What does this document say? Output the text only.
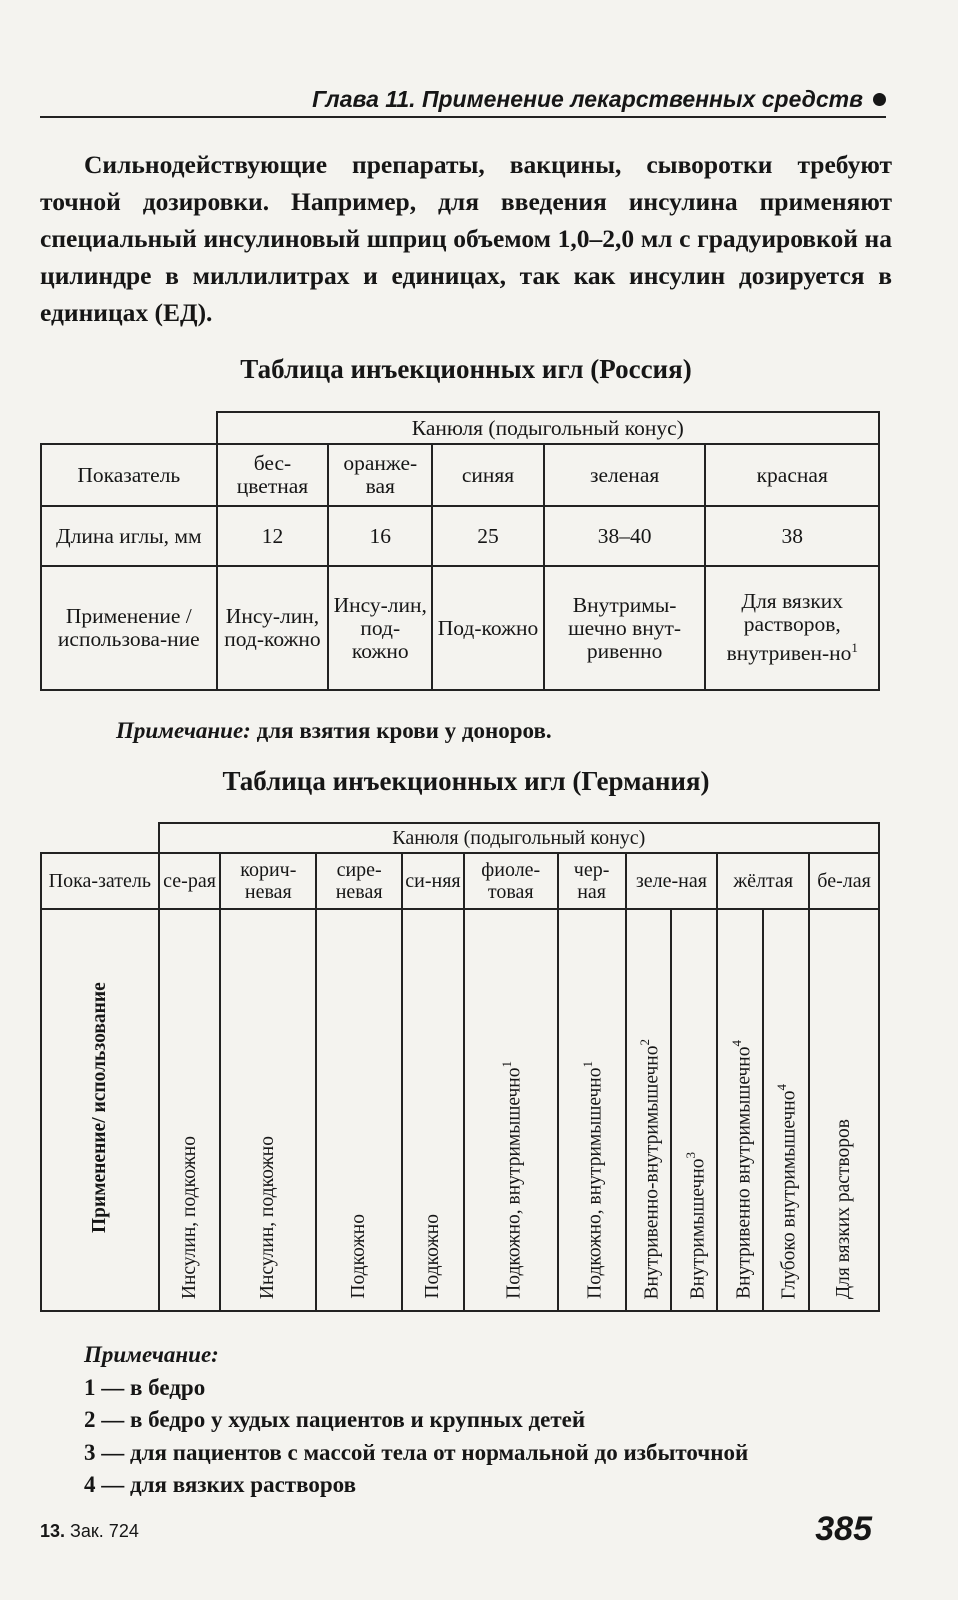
Глава 11. Применение лекарственных средств

Сильнодействующие препараты, вакцины, сыворотки требуют точной дозировки. Например, для введения инсулина применяют специальный инсулиновый шприц объемом 1,0–2,0 мл с градуировкой на цилиндре в миллилитрах и единицах, так как инсулин дозируется в единицах (ЕД).

Таблица инъекционных игл (Россия)
	Канюля (подыгольный конус)				
Показатель	бес-цветная	оранже-вая	синяя	зеленая	красная
Длина иглы, мм	12	16	25	38–40	38
Применение / использова-ние	Инсу-лин, под-кожно	Инсу-лин, под-кожно	Под-кожно	Внутримы-шечно внут-ривенно	Для вязких растворов, внутривен-$но^1$
Примечание: для взятия крови у доноров.
Таблица инъекционных игл (Германия)
	Канюля (подыгольный конус)										
Пока-затель	се-рая	корич-невая	сире-невая	си-няя	фиоле-товая	чер-ная	зеле-ная		жёлтая		бе-лая
Применение/ использование	Инсулин, подкожно	Инсулин, подкожно	Подкожно	Подкожно	Подкожно, внутримышечно$^1$	Подкожно, внутримышечно$^1$	Внутривенно-внутримышечно$^2$	Внутримышечно$^3$	Внутривенно внутримышечно$^4$	Глубоко внутримышечно$^4$	Для вязких растворов
Примечание:
1 — в бедро
2 — в бедро у худых пациентов и крупных детей
3 — для пациентов с массой тела от нормальной до избыточной
4 — для вязких растворов
13. Зак. 724	385
